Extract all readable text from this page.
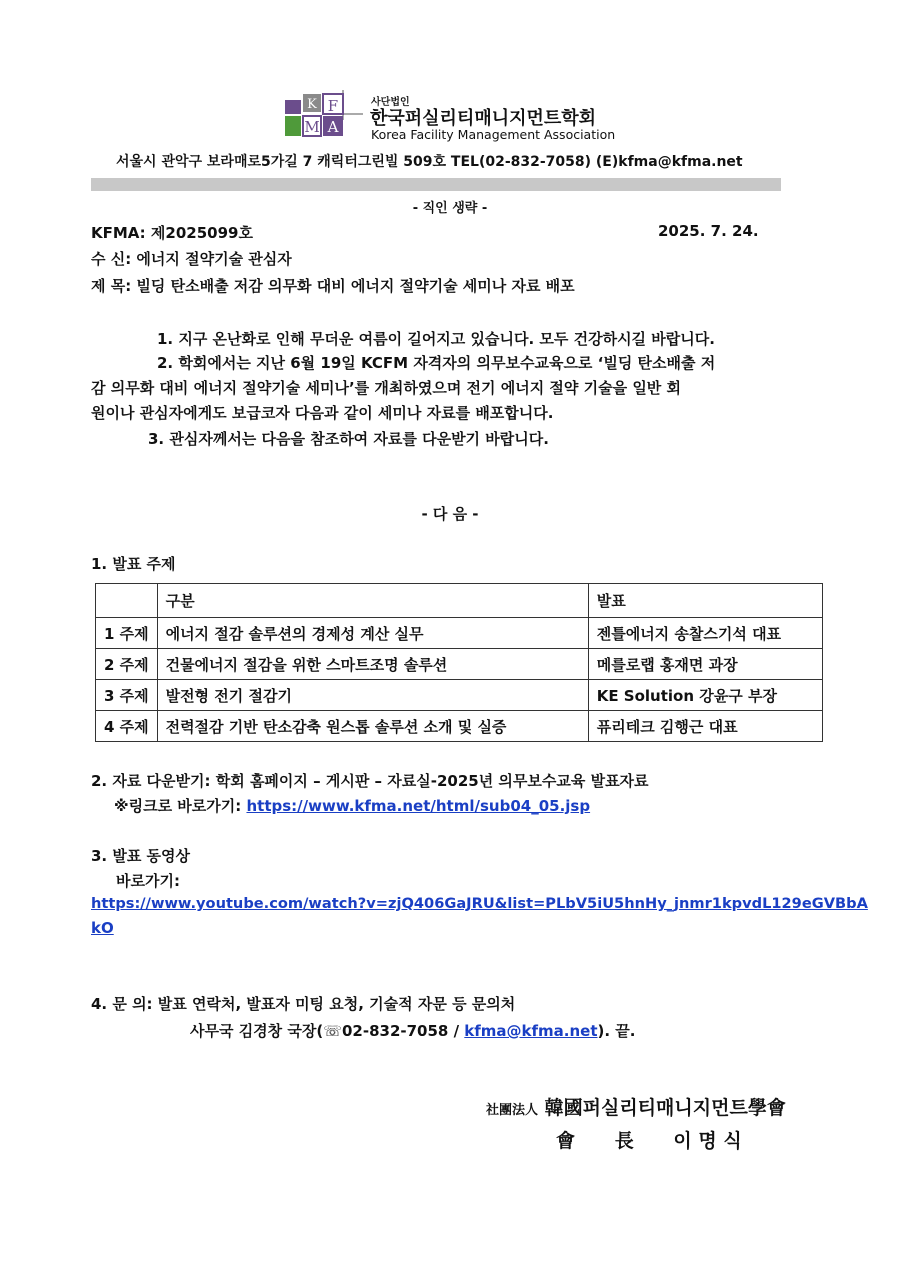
K F
M A
사단법인
한국퍼실리티매니지먼트학회
Korea Facility Management Association
서울시 관악구 보라매로5가길 7 캐릭터그린빌 509호 TEL(02-832-7058) (E)kfma@kfma.net
- 직인 생략 -
KFMA: 제2025099호	2025. 7. 24.
수 신: 에너지 절약기술 관심자
제 목: 빌딩 탄소배출 저감 의무화 대비 에너지 절약기술 세미나 자료 배포
1. 지구 온난화로 인해 무더운 여름이 길어지고 있습니다. 모두 건강하시길 바랍니다.
2. 학회에서는 지난 6월 19일 KCFM 자격자의 의무보수교육으로 ‘빌딩 탄소배출 저
감 의무화 대비 에너지 절약기술 세미나’를 개최하였으며 전기 에너지 절약 기술을 일반 회
원이나 관심자에게도 보급코자 다음과 같이 세미나 자료를 배포합니다.
3. 관심자께서는 다음을 참조하여 자료를 다운받기 바랍니다.
- 다 음 -
1. 발표 주제
	구분	발표
1 주제	에너지 절감 솔루션의 경제성 계산 실무	젠틀에너지 송찰스기석 대표
2 주제	건물에너지 절감을 위한 스마트조명 솔루션	메를로랩 홍재면 과장
3 주제	발전형 전기 절감기	KE Solution 강윤구 부장
4 주제	전력절감 기반 탄소감축 원스톱 솔루션 소개 및 실증	퓨리테크 김행근 대표
2. 자료 다운받기: 학회 홈페이지 – 게시판 – 자료실-2025년 의무보수교육 발표자료
※링크로 바로가기: https://www.kfma.net/html/sub04_05.jsp
3. 발표 동영상
바로가기:
https://www.youtube.com/watch?v=zjQ406GaJRU&list=PLbV5iU5hnHy_jnmr1kpvdL129eGVBbA
kO
4. 문 의: 발표 연락처, 발표자 미팅 요청, 기술적 자문 등 문의처
사무국 김경창 국장(☏02-832-7058 / kfma@kfma.net). 끝.
社團法人 韓國퍼실리티매니지먼트學會
會      長      이 명 식
